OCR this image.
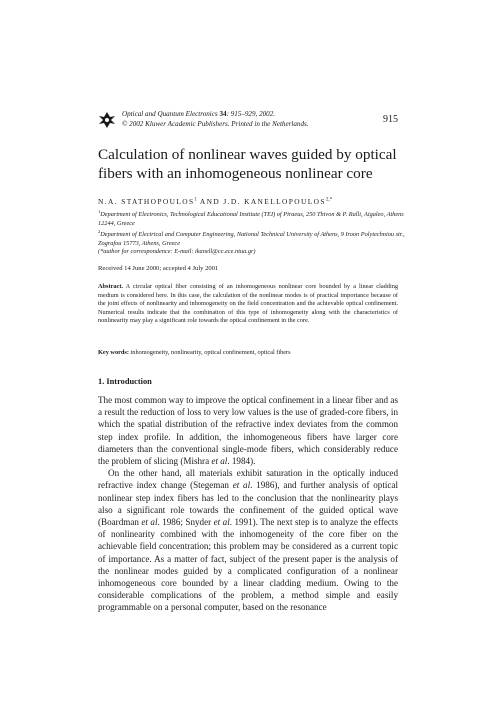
Optical and Quantum Electronics 34: 915–929, 2002.
© 2002 Kluwer Academic Publishers. Printed in the Netherlands.	915
Calculation of nonlinear waves guided by optical fibers with an inhomogeneous nonlinear core
N.A. STATHOPOULOS$^1$ AND J.D. $KANELLOPOULOS^{2,*}$
$^1$Department of Electronics, Technological Educational Institute (TEI) of Piraeus, 250 Thivon & P. Ralli, Aigaleo, Athens 12244, Greece
$^2$Department of Electrical and Computer Engineering, National Technical University of Athens, 9 Iroon Polytechniou str., Zografou 15773, Athens, Greece
(*author for correspondence: E-mail: ikanell@cc.ece.ntua.gr)
Received 14 June 2000; accepted 4 July 2001

Abstract. A circular optical fiber consisting of an inhomogeneous nonlinear core bounded by a linear cladding medium is considered here. In this case, the calculation of the nonlinear modes is of practical importance because of the joint effects of nonlinearity and inhomogeneity on the field concentration and the achievable optical confinement. Numerical results indicate that the combination of this type of inhomogeneity along with the characteristics of nonlinearity may play a significant role towards the optical confinement in the core.

Key words: inhomogeneity, nonlinearity, optical confinement, optical fibers

1. Introduction

The most common way to improve the optical confinement in a linear fiber and as a result the reduction of loss to very low values is the use of graded-core fibers, in which the spatial distribution of the refractive index deviates from the common step index profile. In addition, the inhomogeneous fibers have larger core diameters than the conventional single-mode fibers, which considerably reduce the problem of slicing (Mishra et al. 1984).

On the other hand, all materials exhibit saturation in the optically induced refractive index change (Stegeman et al. 1986), and further analysis of optical nonlinear step index fibers has led to the conclusion that the nonlinearity plays also a significant role towards the confinement of the guided optical wave (Boardman et al. 1986; Snyder et al. 1991). The next step is to analyze the effects of nonlinearity combined with the inhomogeneity of the core fiber on the achievable field concentration; this problem may be considered as a current topic of importance. As a matter of fact, subject of the present paper is the analysis of the nonlinear modes guided by a complicated configuration of a nonlinear inhomogeneous core bounded by a linear cladding medium. Owing to the considerable complications of the problem, a method simple and easily programmable on a personal computer, based on the resonance
